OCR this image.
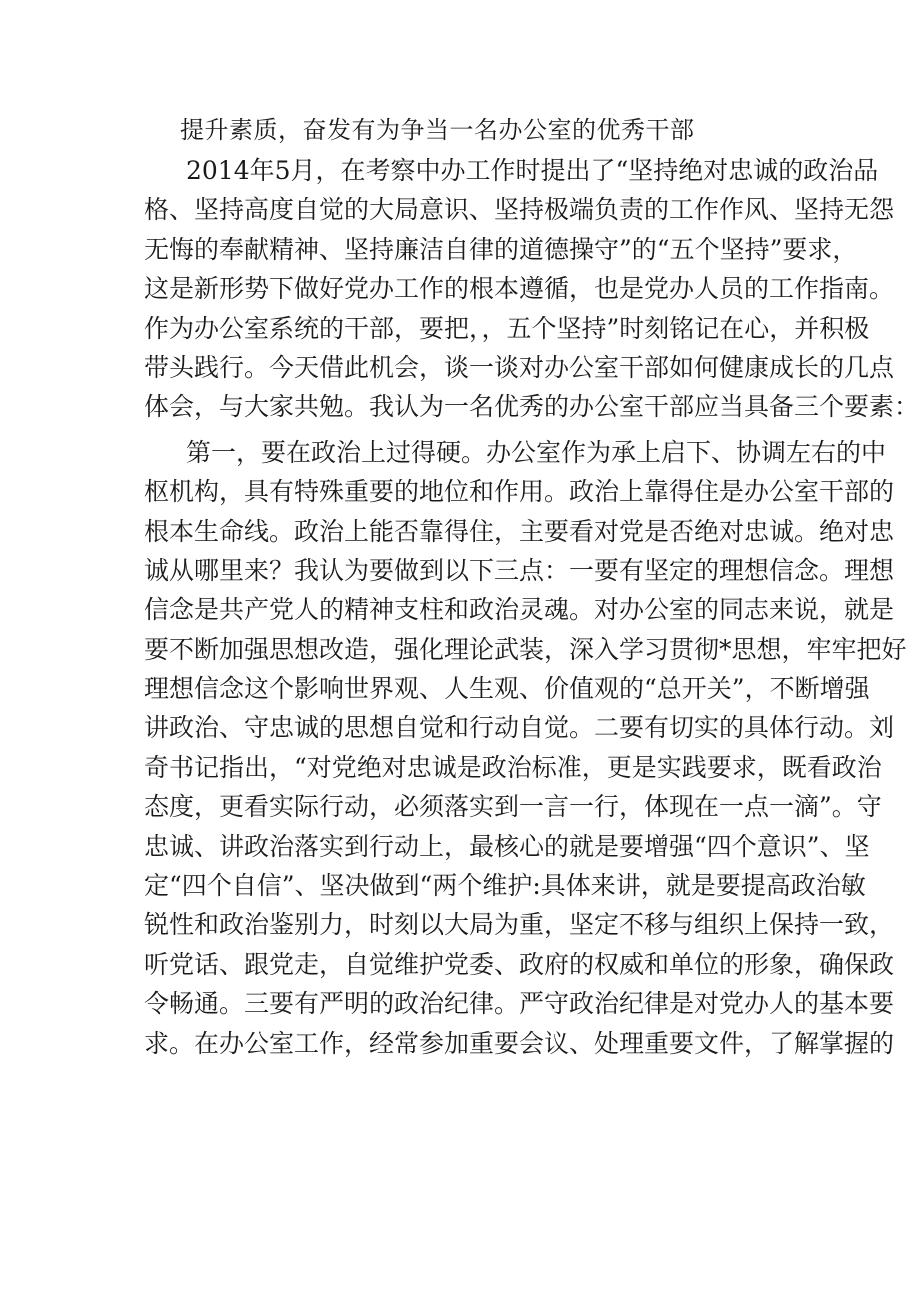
提升素质，奋发有为争当一名办公室的优秀干部
2014年5月，在考察中办工作时提出了“坚持绝对忠诚的政治品
格、坚持高度自觉的大局意识、坚持极端负责的工作作风、坚持无怨
无悔的奉献精神、坚持廉洁自律的道德操守”的“五个坚持”要求，
这是新形势下做好党办工作的根本遵循，也是党办人员的工作指南。
作为办公室系统的干部，要把，，五个坚持”时刻铭记在心，并积极
带头践行。今天借此机会，谈一谈对办公室干部如何健康成长的几点
体会，与大家共勉。我认为一名优秀的办公室干部应当具备三个要素：
第一，要在政治上过得硬。办公室作为承上启下、协调左右的中
枢机构，具有特殊重要的地位和作用。政治上靠得住是办公室干部的
根本生命线。政治上能否靠得住，主要看对党是否绝对忠诚。绝对忠
诚从哪里来？我认为要做到以下三点：一要有坚定的理想信念。理想
信念是共产党人的精神支柱和政治灵魂。对办公室的同志来说，就是
要不断加强思想改造，强化理论武装，深入学习贯彻*思想，牢牢把好
理想信念这个影响世界观、人生观、价值观的“总开关”，不断增强
讲政治、守忠诚的思想自觉和行动自觉。二要有切实的具体行动。刘
奇书记指出，“对党绝对忠诚是政治标准，更是实践要求，既看政治
态度，更看实际行动，必须落实到一言一行，体现在一点一滴”。守
忠诚、讲政治落实到行动上，最核心的就是要增强“四个意识”、坚
定“四个自信”、坚决做到“两个维护:具体来讲，就是要提高政治敏
锐性和政治鉴别力，时刻以大局为重，坚定不移与组织上保持一致，
听党话、跟党走，自觉维护党委、政府的权威和单位的形象，确保政
令畅通。三要有严明的政治纪律。严守政治纪律是对党办人的基本要
求。在办公室工作，经常参加重要会议、处理重要文件，了解掌握的
